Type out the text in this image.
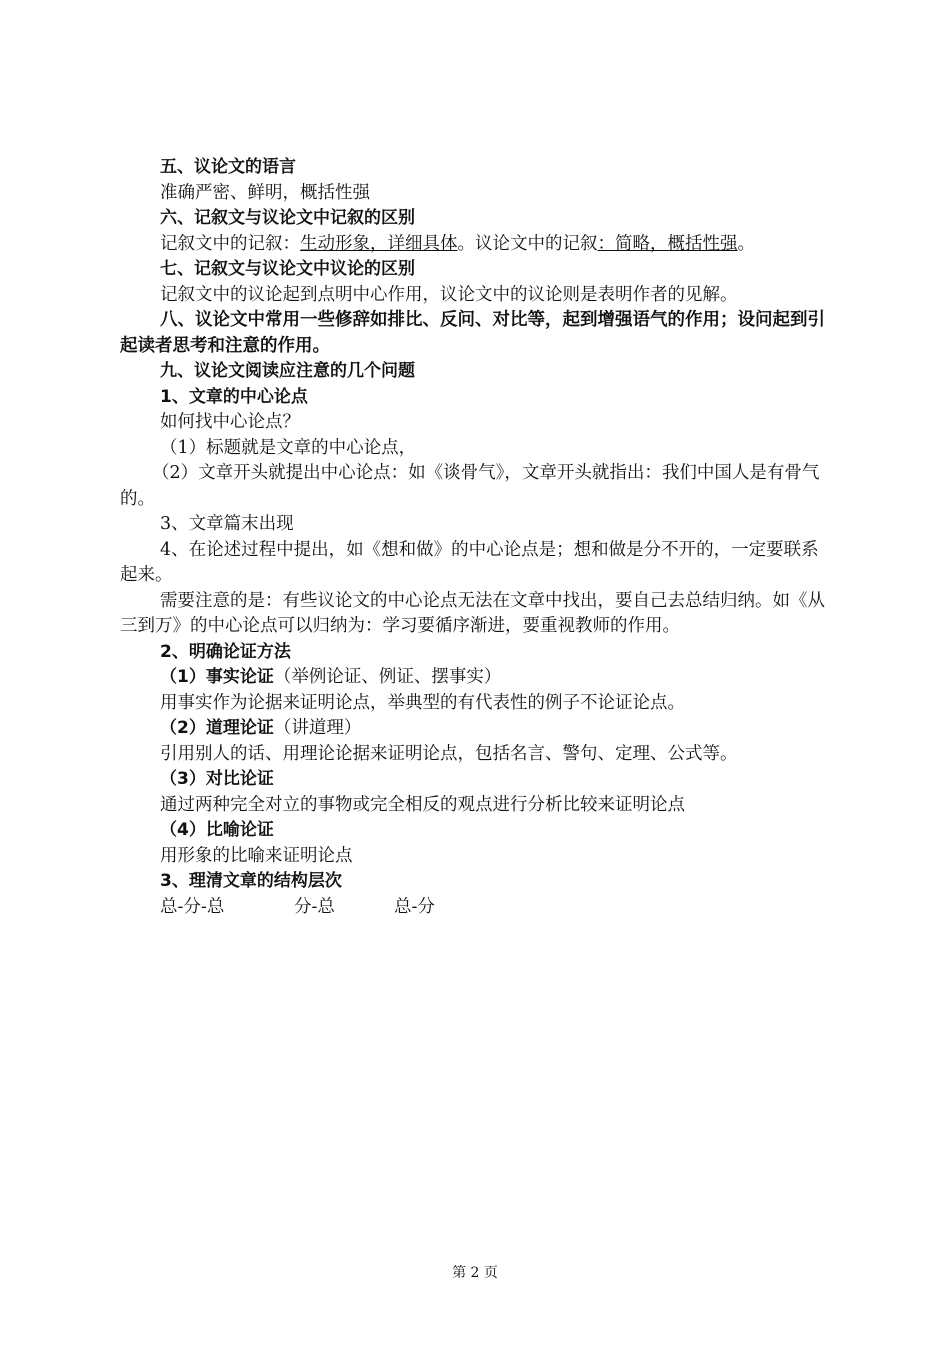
五、议论文的语言
准确严密、鲜明，概括性强
六、记叙文与议论文中记叙的区别
记叙文中的记叙：生动形象，详细具体。议论文中的记叙：简略，概括性强。
七、记叙文与议论文中议论的区别
记叙文中的议论起到点明中心作用，议论文中的议论则是表明作者的见解。
八、议论文中常用一些修辞如排比、反问、对比等，起到增强语气的作用；设问起到引起读者思考和注意的作用。
九、议论文阅读应注意的几个问题
1、文章的中心论点
如何找中心论点？
（1）标题就是文章的中心论点，
（2）文章开头就提出中心论点：如《谈骨气》，文章开头就指出：我们中国人是有骨气的。
3、文章篇末出现
4、在论述过程中提出，如《想和做》的中心论点是；想和做是分不开的，一定要联系起来。
需要注意的是：有些议论文的中心论点无法在文章中找出，要自己去总结归纳。如《从三到万》的中心论点可以归纳为：学习要循序渐进，要重视教师的作用。
2、明确论证方法
（1）事实论证（举例论证、例证、摆事实）
用事实作为论据来证明论点，举典型的有代表性的例子不论证论点。
（2）道理论证（讲道理）
引用别人的话、用理论论据来证明论点，包括名言、警句、定理、公式等。
（3）对比论证
通过两种完全对立的事物或完全相反的观点进行分析比较来证明论点
（4）比喻论证
用形象的比喻来证明论点
3、理清文章的结构层次
总-分-总	分-总	总-分
第 2 页
